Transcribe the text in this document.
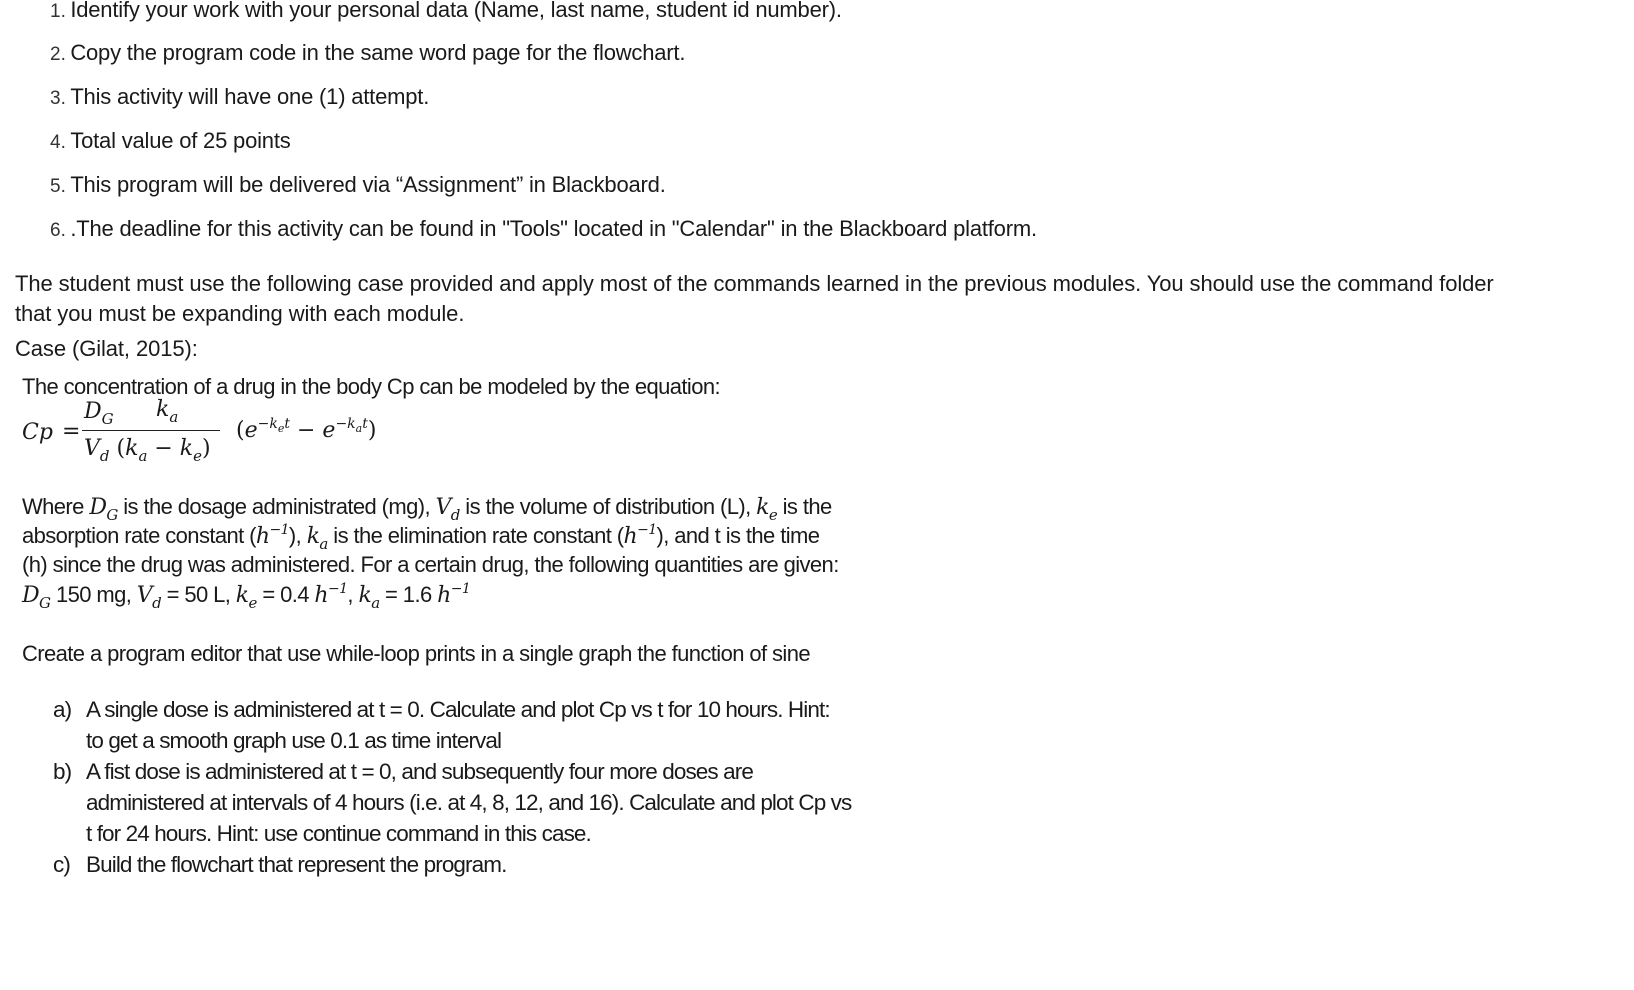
1. Identify your work with your personal data (Name, last name, student id number).
2. Copy the program code in the same word page for the flowchart.
3. This activity will have one (1) attempt.
4. Total value of 25 points
5. This program will be delivered via “Assignment” in Blackboard.
6. .The deadline for this activity can be found in "Tools" located in "Calendar" in the Blackboard platform.
The student must use the following case provided and apply most of the commands learned in the previous modules. You should use the command folder
that you must be expanding with each module.
Case (Gilat, 2015):
The concentration of a drug in the body Cp can be modeled by the equation:
Cp =
$D_G$ $k_a$
$V_d$ $(k_a - k_e)$
$(e^{-k_et} - e^{-k_at})$
Where $D_G$ is the dosage administrated (mg), $V_d$ is the volume of distribution (L), $k_e$ is the
absorption rate constant $(h^{-1})$, $k_a$ is the elimination rate constant $(h^{-1})$, and t is the time
(h) since the drug was administered. For a certain drug, the following quantities are given:
$D_G$ 150 mg, $V_d = 50$ L, $k_e = 0.4$ $h^{-1}$, $k_a = 1.6$ $h^{-1}$
Create a program editor that use while-loop prints in a single graph the function of sine
a) A single dose is administered at t = 0. Calculate and plot Cp vs t for 10 hours. Hint:
to get a smooth graph use 0.1 as time interval
b) A fist dose is administered at t = 0, and subsequently four more doses are
administered at intervals of 4 hours (i.e. at 4, 8, 12, and 16). Calculate and plot Cp vs
t for 24 hours. Hint: use continue command in this case.
c) Build the flowchart that represent the program.
